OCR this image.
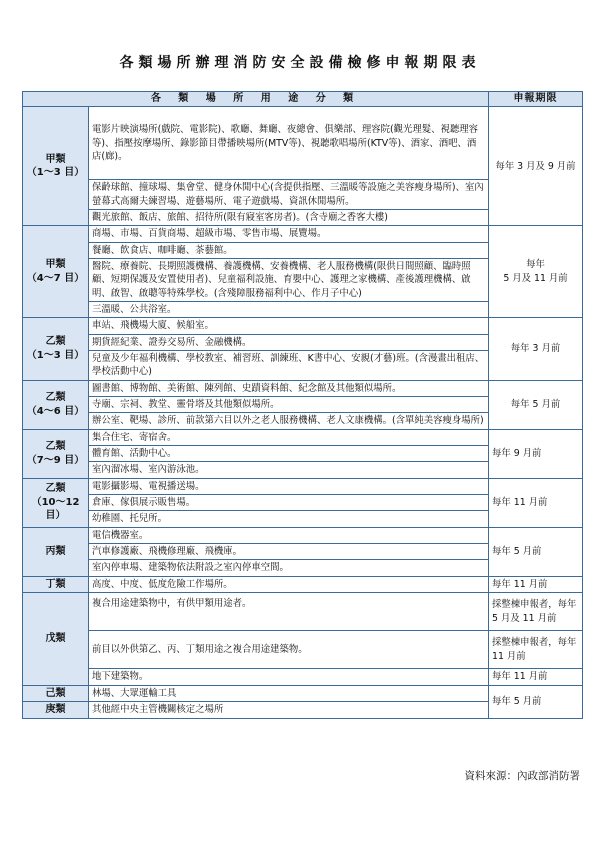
各類場所辦理消防安全設備檢修申報期限表
各 類 場 所 用 途 分 類		申報期限
甲類
（1～3 目）	電影片映演場所(戲院、電影院)、歌廳、舞廳、夜總會、俱樂部、理容院(觀光理髮、視聽理容等)、指壓按摩場所、錄影節目帶播映場所(MTV等)、視聽歌唱場所(KTV等)、酒家、酒吧、酒店(廊)。	每年 3 月及 9 月前
	保齡球館、撞球場、集會堂、健身休閒中心(含提供指壓、三溫暖等設施之美容瘦身場所)、室內螢幕式高爾夫練習場、遊藝場所、電子遊戲場、資訊休閒場所。	
	觀光旅館、飯店、旅館、招待所(限有寢室客房者)。(含寺廟之香客大樓)	
甲類
（4～7 目）	商場、市場、百貨商場、超級市場、零售市場、展覽場。	每年
5 月及 11 月前
	餐廳、飲食店、咖啡廳、茶藝館。	
	醫院、療養院、長期照護機構、養護機構、安養機構、老人服務機構(限供日間照顧、臨時照顧、短期保護及安置使用者)、兒童福利設施、育嬰中心、護理之家機構、產後護理機構、啟明、啟智、啟聰等特殊學校。(含殘障服務福利中心、作月子中心)	
	三溫暖、公共浴室。	
乙類
（1～3 目）	車站、飛機場大廈、候船室。	每年 3 月前
	期貨經紀業、證券交易所、金融機構。	
	兒童及少年福利機構、學校教室、補習班、訓練班、K書中心、安親(才藝)班。(含漫畫出租店、學校活動中心)	
乙類
（4～6 目）	圖書館、博物館、美術館、陳列館、史蹟資料館、紀念館及其他類似場所。	每年 5 月前
	寺廟、宗祠、教堂、靈骨塔及其他類似場所。	
	辦公室、靶場、診所、前款第六目以外之老人服務機構、老人文康機構。(含單純美容瘦身場所)	
乙類
（7～9 目）	集合住宅、寄宿舍。	每年 9 月前
	體育館、活動中心。	
	室內溜冰場、室內游泳池。	
乙類
（10～12 目）	電影攝影場、電視播送場。	每年 11 月前
	倉庫、傢俱展示販售場。	
	幼稚園、托兒所。	
丙類	電信機器室。	每年 5 月前
	汽車修護廠、飛機修理廠、飛機庫。	
	室內停車場、建築物依法附設之室內停車空間。	
丁類	高度、中度、低度危險工作場所。	每年 11 月前
戊類	複合用途建築物中，有供甲類用途者。	採整棟申報者，每年 5 月及 11 月前
	前目以外供第乙、丙、丁類用途之複合用途建築物。	採整棟申報者，每年 11 月前
	地下建築物。	每年 11 月前
己類	林場、大眾運輸工具	每年 5 月前
庚類	其他經中央主管機關核定之場所	
資料來源：內政部消防署
